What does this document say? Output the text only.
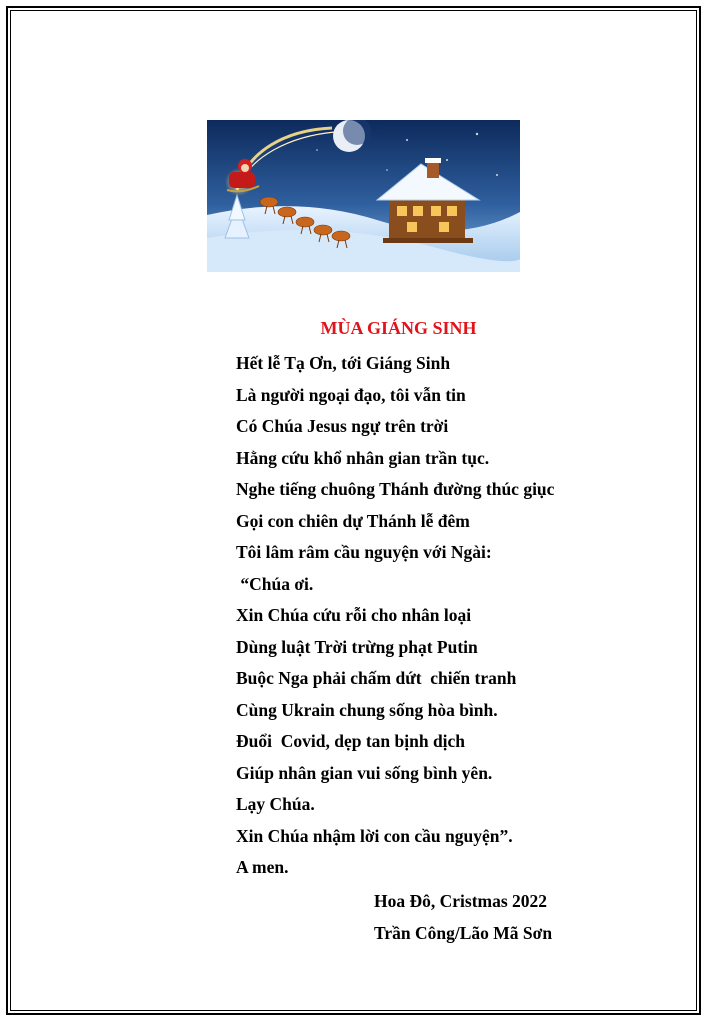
MÙA GIÁNG SINH
Hết lễ Tạ Ơn, tới Giáng Sinh
Là người ngoại đạo, tôi vẫn tin
Có Chúa Jesus ngự trên trời
Hằng cứu khổ nhân gian trần tục.
Nghe tiếng chuông Thánh đường thúc giục
Gọi con chiên dự Thánh lễ đêm
Tôi lâm râm cầu nguyện với Ngài:
“Chúa ơi.
Xin Chúa cứu rỗi cho nhân loại
Dùng luật Trời trừng phạt Putin
Buộc Nga phải chấm dứt  chiến tranh
Cùng Ukrain chung sống hòa bình.
Đuổi  Covid, dẹp tan bịnh dịch
Giúp nhân gian vui sống bình yên.
Lạy Chúa.
Xin Chúa nhậm lời con cầu nguyện”.
A men.
Hoa Đô, Cristmas 2022
Trần Công/Lão Mã Sơn
